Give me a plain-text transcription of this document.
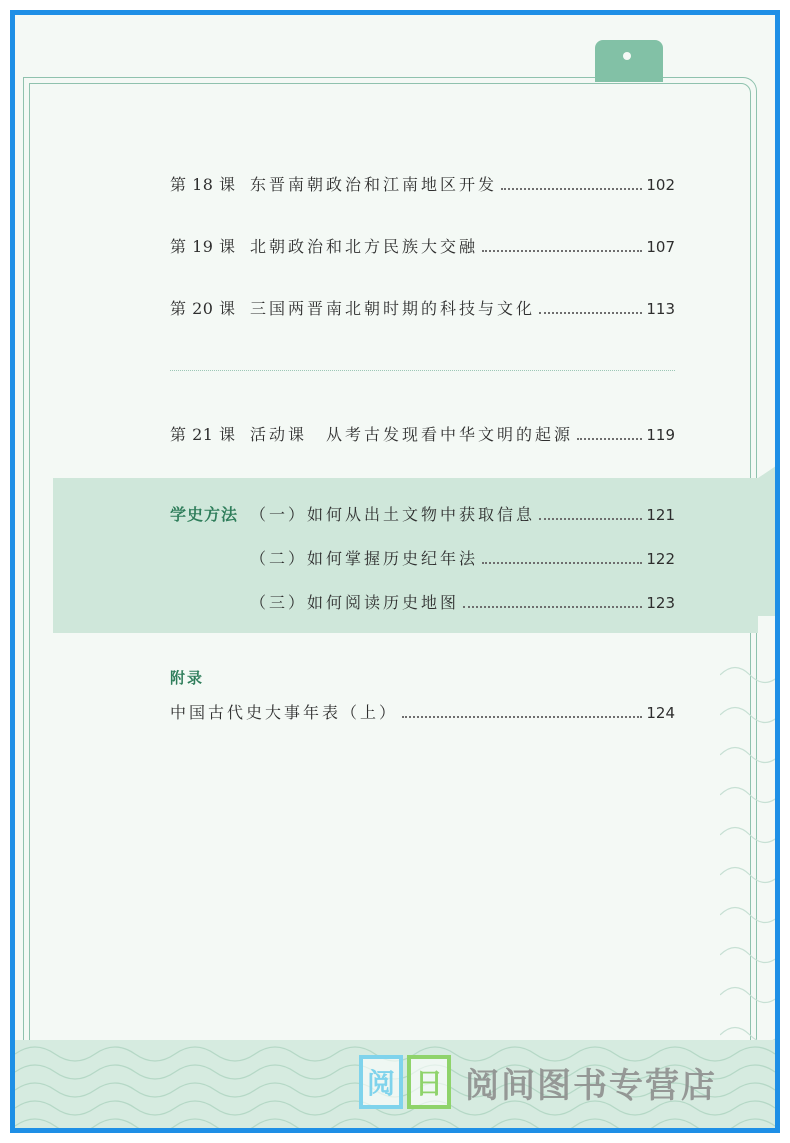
第 18 课 东晋南朝政治和江南地区开发	102
第 19 课 北朝政治和北方民族大交融	107
第 20 课 三国两晋南北朝时期的科技与文化	113
第 21 课 活动课　从考古发现看中华文明的起源	119
学史方法 （一）如何从出土文物中获取信息	121
（二）如何掌握历史纪年法	122
（三）如何阅读历史地图	123
附录
中国古代史大事年表（上）	124
阅 日 阅间图书专营店
